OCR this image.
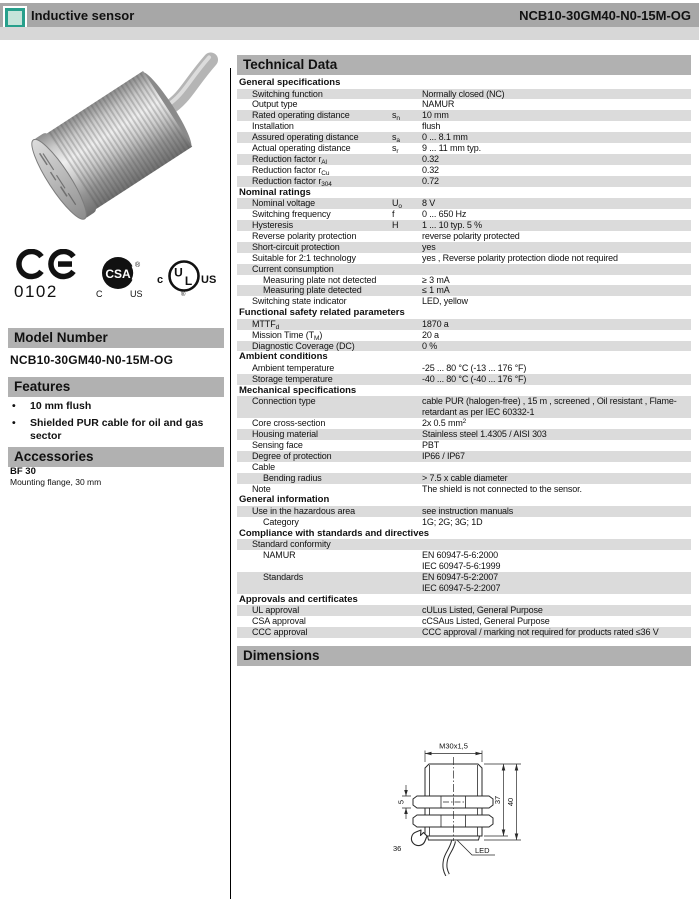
Inductive sensor	NCB10-30GM40-N0-15M-OG
0102
CSA
®
C	US
U
L
c	US
®
Model Number
NCB10-30GM40-N0-15M-OG
Features
•	10 mm flush
•	Shielded PUR cable for oil and gas sector
Accessories
BF 30
Mounting flange, 30 mm
Technical Data
General specifications
Switching function	Normally closed (NC)
Output type	NAMUR
Rated operating distance	$s_n$	10 mm
Installation	flush
Assured operating distance	$s_a$	0 ... 8.1 mm
Actual operating distance	$s_r$	9 ... 11 mm typ.
Reduction factor $r_{Al}$	0.32
Reduction factor $r_{Cu}$	0.32
Reduction factor $r_{304}$	0.72
Nominal ratings
Nominal voltage	$U_o$	8 V
Switching frequency	f	0 ... 650 Hz
Hysteresis	H	1 ... 10 typ. 5 %
Reverse polarity protection	reverse polarity protected
Short-circuit protection	yes
Suitable for 2:1 technology	yes , Reverse polarity protection diode not required
Current consumption

Measuring plate not detected	≥ 3 mA
Measuring plate detected	≤ 1 mA
Switching state indicator	LED, yellow
Functional safety related parameters
$MTTF_d$	1870 a
Mission Time $(T_M)$	20 a
Diagnostic Coverage (DC)	0 %
Ambient conditions
Ambient temperature	-25 ... 80 °C (-13 ... 176 °F)
Storage temperature	-40 ... 80 °C (-40 ... 176 °F)
Mechanical specifications
Connection type	cable PUR (halogen-free) , 15 m , screened , Oil resistant , Flame-
retardant as per IEC 60332-1
Core cross-section	2x 0.5 $mm^2$
Housing material	Stainless steel 1.4305 / AISI 303
Sensing face	PBT
Degree of protection	IP66 / IP67
Cable

Bending radius	> 7.5 x cable diameter
Note	The shield is not connected to the sensor.
General information
Use in the hazardous area	see instruction manuals
Category	1G; 2G; 3G; 1D
Compliance with standards and directives
Standard conformity

NAMUR	EN 60947-5-6:2000
IEC 60947-5-6:1999
Standards	EN 60947-5-2:2007
IEC 60947-5-2:2007
Approvals and certificates
UL approval	cULus Listed, General Purpose
CSA approval	cCSAus Listed, General Purpose
CCC approval	CCC approval / marking not required for products rated ≤36 V
Dimensions
M30x1,5
37 40
5
36	LED
